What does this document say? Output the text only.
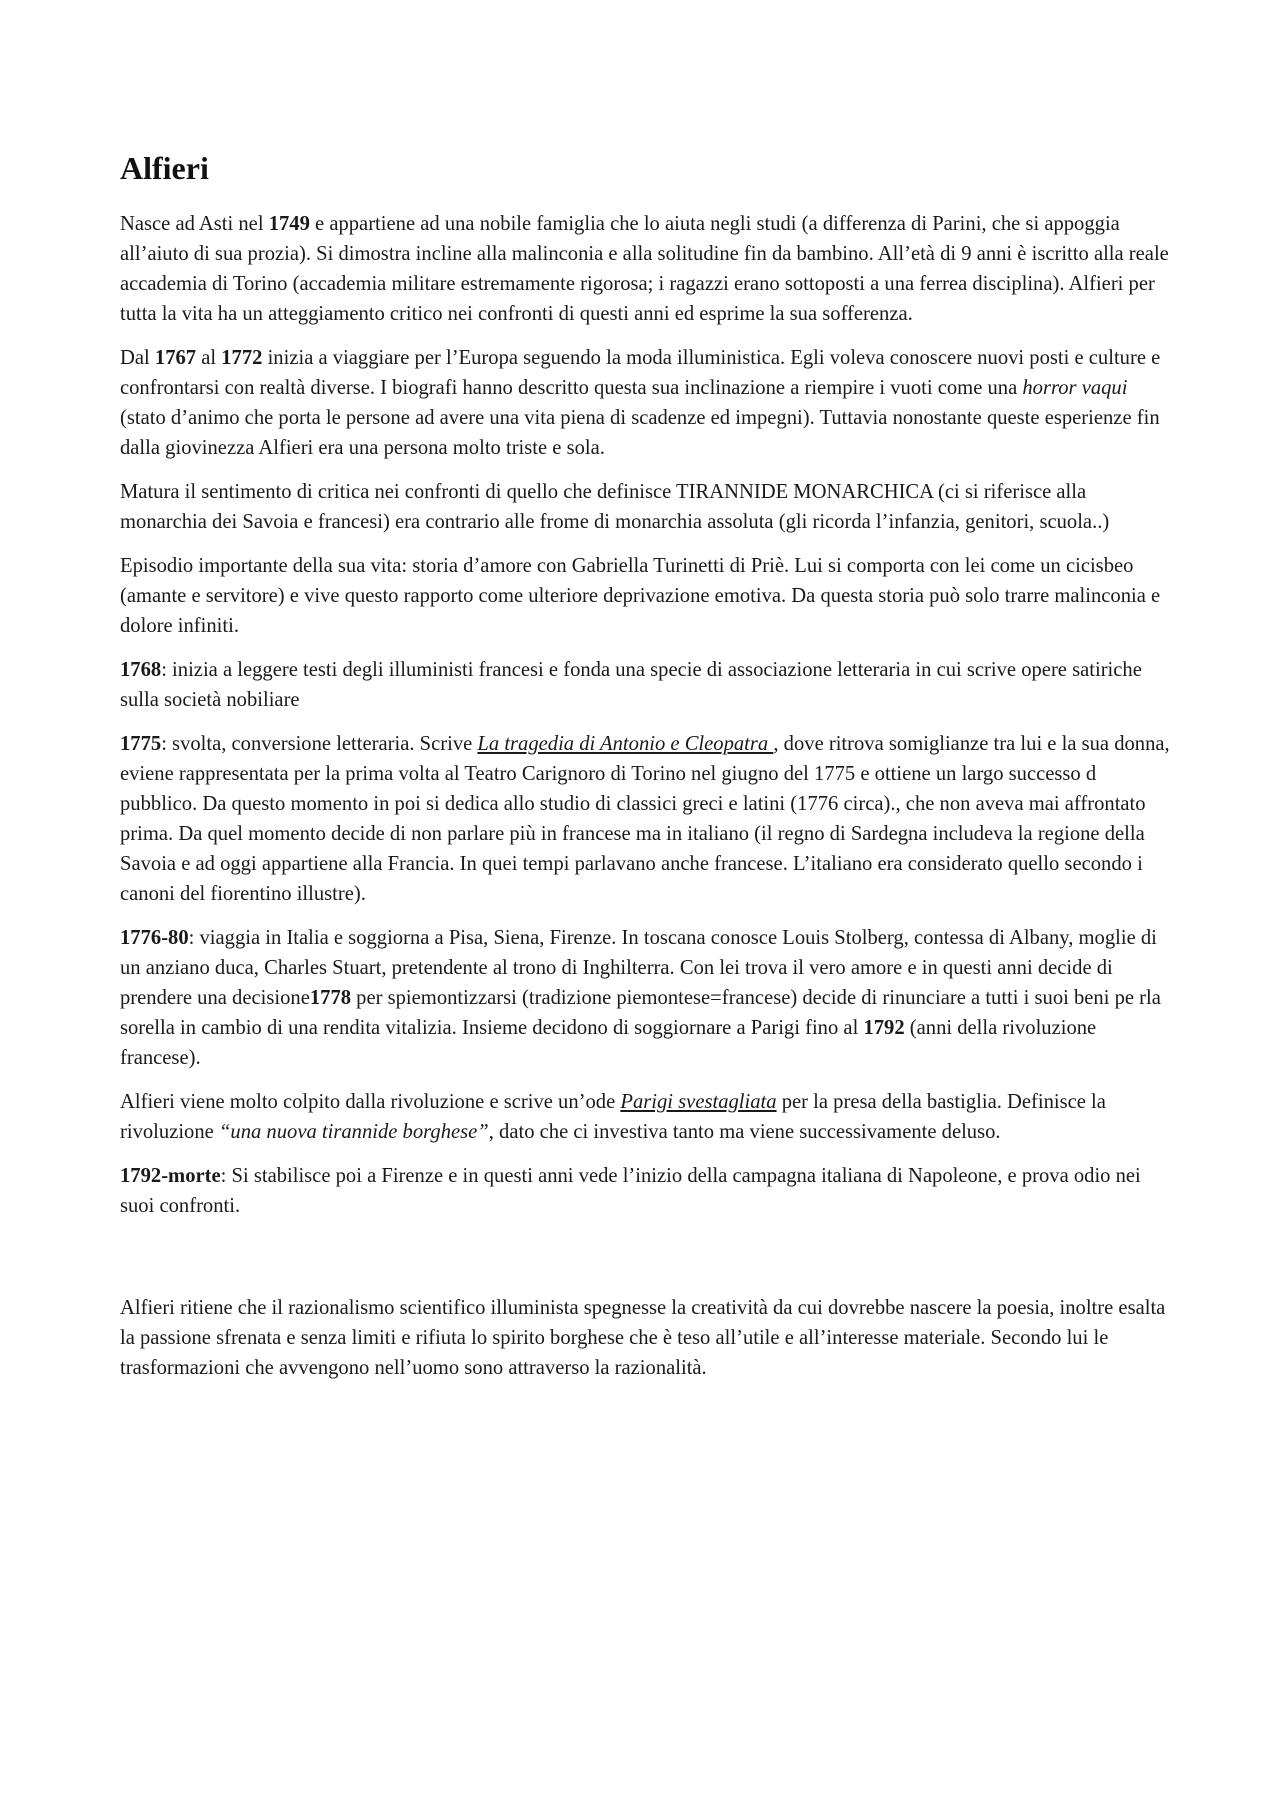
Alfieri

Nasce ad Asti nel 1749 e appartiene ad una nobile famiglia che lo aiuta negli studi (a differenza di Parini, che si appoggia all’aiuto di sua prozia). Si dimostra incline alla malinconia e alla solitudine fin da bambino. All’età di 9 anni è iscritto alla reale accademia di Torino (accademia militare estremamente rigorosa; i ragazzi erano sottoposti a una ferrea disciplina). Alfieri per tutta la vita ha un atteggiamento critico nei confronti di questi anni ed esprime la sua sofferenza.

Dal 1767 al 1772 inizia a viaggiare per l’Europa seguendo la moda illuministica. Egli voleva conoscere nuovi posti e culture e confrontarsi con realtà diverse. I biografi hanno descritto questa sua inclinazione a riempire i vuoti come una horror vaqui (stato d’animo che porta le persone ad avere una vita piena di scadenze ed impegni). Tuttavia nonostante queste esperienze fin dalla giovinezza Alfieri era una persona molto triste e sola.

Matura il sentimento di critica nei confronti di quello che definisce TIRANNIDE MONARCHICA (ci si riferisce alla monarchia dei Savoia e francesi) era contrario alle frome di monarchia assoluta (gli ricorda l’infanzia, genitori, scuola..)

Episodio importante della sua vita: storia d’amore con Gabriella Turinetti di Priè. Lui si comporta con lei come un cicisbeo (amante e servitore) e vive questo rapporto come ulteriore deprivazione emotiva. Da questa storia può solo trarre malinconia e dolore infiniti.

1768: inizia a leggere testi degli illuministi francesi e fonda una specie di associazione letteraria in cui scrive opere satiriche sulla società nobiliare

1775: svolta, conversione letteraria. Scrive La tragedia di Antonio e Cleopatra , dove ritrova somiglianze tra lui e la sua donna, eviene rappresentata per la prima volta al Teatro Carignoro di Torino nel giugno del 1775 e ottiene un largo successo d pubblico. Da questo momento in poi si dedica allo studio di classici greci e latini (1776 circa)., che non aveva mai affrontato prima. Da quel momento decide di non parlare più in francese ma in italiano (il regno di Sardegna includeva la regione della Savoia e ad oggi appartiene alla Francia. In quei tempi parlavano anche francese. L’italiano era considerato quello secondo i canoni del fiorentino illustre).

1776-80: viaggia in Italia e soggiorna a Pisa, Siena, Firenze. In toscana conosce Louis Stolberg, contessa di Albany, moglie di un anziano duca, Charles Stuart, pretendente al trono di Inghilterra. Con lei trova il vero amore e in questi anni decide di prendere una decisione1778 per spiemontizzarsi (tradizione piemontese=francese) decide di rinunciare a tutti i suoi beni pe rla sorella in cambio di una rendita vitalizia. Insieme decidono di soggiornare a Parigi fino al 1792 (anni della rivoluzione francese).

Alfieri viene molto colpito dalla rivoluzione e scrive un’ode Parigi svestagliata per la presa della bastiglia. Definisce la rivoluzione “una nuova tirannide borghese”, dato che ci investiva tanto ma viene successivamente deluso.

1792-morte: Si stabilisce poi a Firenze e in questi anni vede l’inizio della campagna italiana di Napoleone, e prova odio nei suoi confronti.

Alfieri ritiene che il razionalismo scientifico illuminista spegnesse la creatività da cui dovrebbe nascere la poesia, inoltre esalta la passione sfrenata e senza limiti e rifiuta lo spirito borghese che è teso all’utile e all’interesse materiale. Secondo lui le trasformazioni che avvengono nell’uomo sono attraverso la razionalità.
